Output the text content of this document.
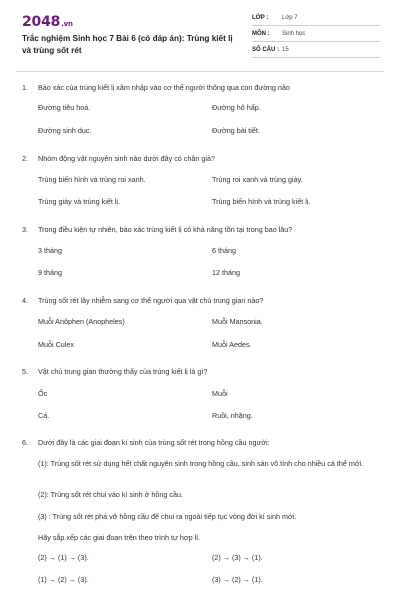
2048.vn
Trắc nghiệm Sinh học 7 Bài 6 (có đáp án): Trùng kiết lị và trùng sốt rét
LỚP :	Lớp 7
MÔN :	Sinh học
SỐ CÂU : 15
1.	Bào xác của trùng kiết lị xâm nhập vào cơ thể người thông qua con đường nào
Đường tiêu hoá.	Đường hô hấp.
Đường sinh dục.	Đường bài tiết.
2.	Nhóm động vật nguyên sinh nào dưới đây có chân giả?
Trùng biến hình và trùng roi xanh.	Trùng roi xanh và trùng giày.
Trùng giày và trùng kiết lị.	Trùng biến hình và trùng kiết lị.
3.	Trong điều kiện tự nhiên, bào xác trùng kiết lị có khả năng tồn tại trong bao lâu?
3 tháng	6 tháng
9 tháng	12 tháng
4.	Trùng sốt rét lây nhiễm sang cơ thể người qua vật chủ trung gian nào?
Muỗi Anôphen (Anopheles)	Muỗi Mansonia.
Muỗi Culex	Muỗi Aedes.
5.	Vật chủ trung gian thường thấy của trùng kiết lị là gì?
Ốc	Muỗi
Cá.	Ruồi, nhặng.
6.	Dưới đây là các giai đoạn kí sinh của trùng sốt rét trong hồng cầu người:
(1): Trùng sốt rét sử dụng hết chất nguyên sinh trong hồng cầu, sinh sản vô tính cho nhiều cá thể mới.
(2): Trùng sốt rét chui vào kí sinh ở hồng cầu.
(3) : Trùng sốt rét phá vỡ hồng cầu để chui ra ngoài tiếp tục vòng đời kí sinh mới.
Hãy sắp xếp các giai đoạn trên theo trình tự hợp lí.
(2) → (1) → (3).	(2) → (3) → (1).
(1) → (2) → (3).	(3) → (2) → (1).
